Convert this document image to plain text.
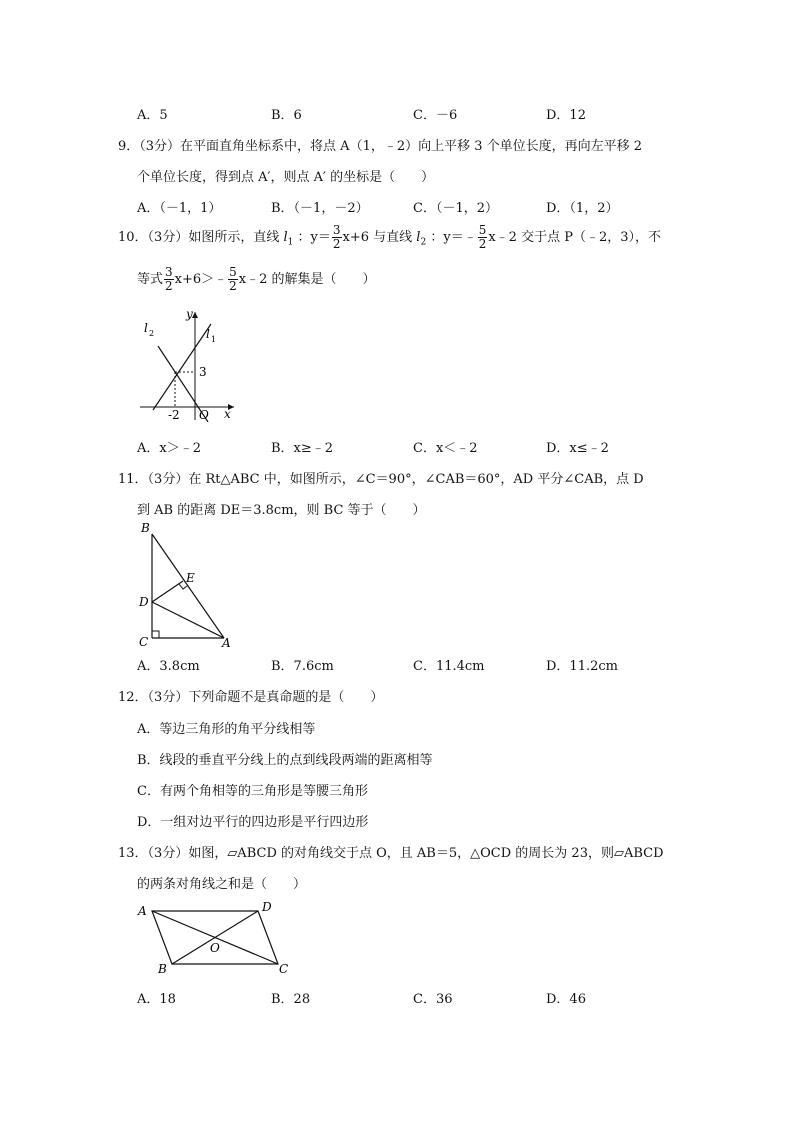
A．5	B．6	C．－6	D．12
9．（3分）在平面直角坐标系中，将点 A（1，﹣2）向上平移 3 个单位长度，再向左平移 2
个单位长度，得到点 A′，则点 A′ 的坐标是（　　）
A．（－1，1）	B．（－1，－2）	C．（－1，2）	D．（1，2）
10．（3分）如图所示，直线 $l_1$ ：$y= \frac{3}{2} x+6$ 与直线 $l_2$ ：y＝﹣ $\frac{5}{2}$ x﹣2 交于点 P（﹣2，3），不
等式 $\frac{3}{2}$ x+6＞﹣ $\frac{5}{2}$ x﹣2 的解集是（　　）
y
x
O
3
-2
l 2	l 1
A．x＞﹣2	B．x≥﹣2	C．x＜﹣2	D．x≤﹣2
11．（3分）在 Rt△ABC 中，如图所示，∠C＝90°，∠CAB＝60°，AD 平分∠CAB，点 D
到 AB 的距离 DE＝3.8cm，则 BC 等于（　　）
B
E
D
C	A
A．3.8cm	B．7.6cm	C．11.4cm	D．11.2cm
12．（3分）下列命题不是真命题的是（　　）
A．等边三角形的角平分线相等
B．线段的垂直平分线上的点到线段两端的距离相等
C．有两个角相等的三角形是等腰三角形
D．一组对边平行的四边形是平行四边形
13．（3分）如图，▱ABCD 的对角线交于点 O，且 AB＝5，△OCD 的周长为 23，则▱ABCD
的两条对角线之和是（　　）
A	D
O
B	C
A．18	B．28	C．36	D．46
